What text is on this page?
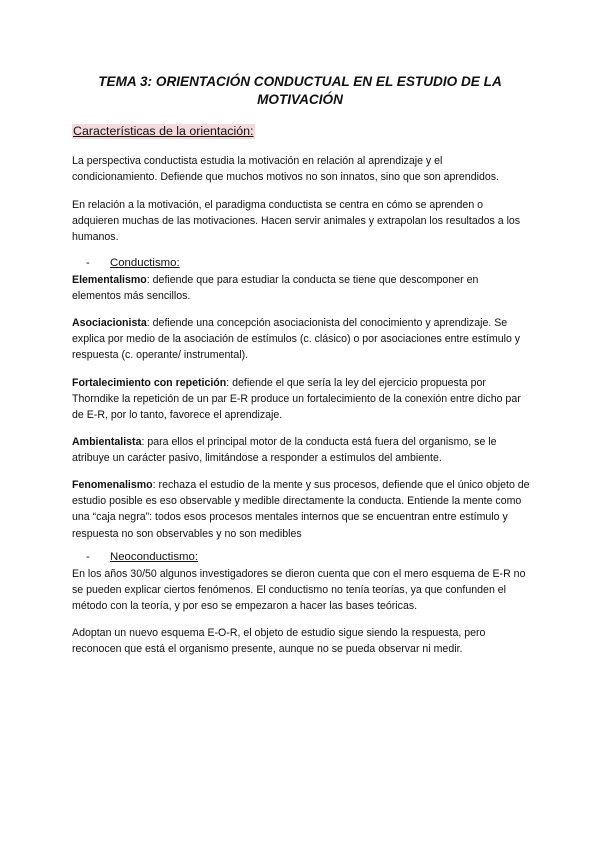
TEMA 3: ORIENTACIÓN CONDUCTUAL EN EL ESTUDIO DE LA MOTIVACIÓN
Características de la orientación:

La perspectiva conductista estudia la motivación en relación al aprendizaje y el condicionamiento. Defiende que muchos motivos no son innatos, sino que son aprendidos.

En relación a la motivación, el paradigma conductista se centra en cómo se aprenden o adquieren muchas de las motivaciones. Hacen servir animales y extrapolan los resultados a los humanos.

- Conductismo:

Elementalismo: defiende que para estudiar la conducta se tiene que descomponer en elementos más sencillos.

Asociacionista: defiende una concepción asociacionista del conocimiento y aprendizaje. Se explica por medio de la asociación de estímulos (c. clásico) o por asociaciones entre estímulo y respuesta (c. operante/ instrumental).

Fortalecimiento con repetición: defiende el que sería la ley del ejercicio propuesta por Thorndike la repetición de un par E-R produce un fortalecimiento de la conexión entre dicho par de E-R, por lo tanto, favorece el aprendizaje.

Ambientalista: para ellos el principal motor de la conducta está fuera del organismo, se le atribuye un carácter pasivo, limitándose a responder a estímulos del ambiente.

Fenomenalismo: rechaza el estudio de la mente y sus procesos, defiende que el único objeto de estudio posible es eso observable y medible directamente la conducta. Entiende la mente como una “caja negra”: todos esos procesos mentales internos que se encuentran entre estímulo y respuesta no son observables y no son medibles

- Neoconductismo:

En los años 30/50 algunos investigadores se dieron cuenta que con el mero esquema de E-R no se pueden explicar ciertos fenómenos. El conductismo no tenía teorías, ya que confunden el método con la teoría, y por eso se empezaron a hacer las bases teóricas.

Adoptan un nuevo esquema E-O-R, el objeto de estudio sigue siendo la respuesta, pero reconocen que está el organismo presente, aunque no se pueda observar ni medir.
